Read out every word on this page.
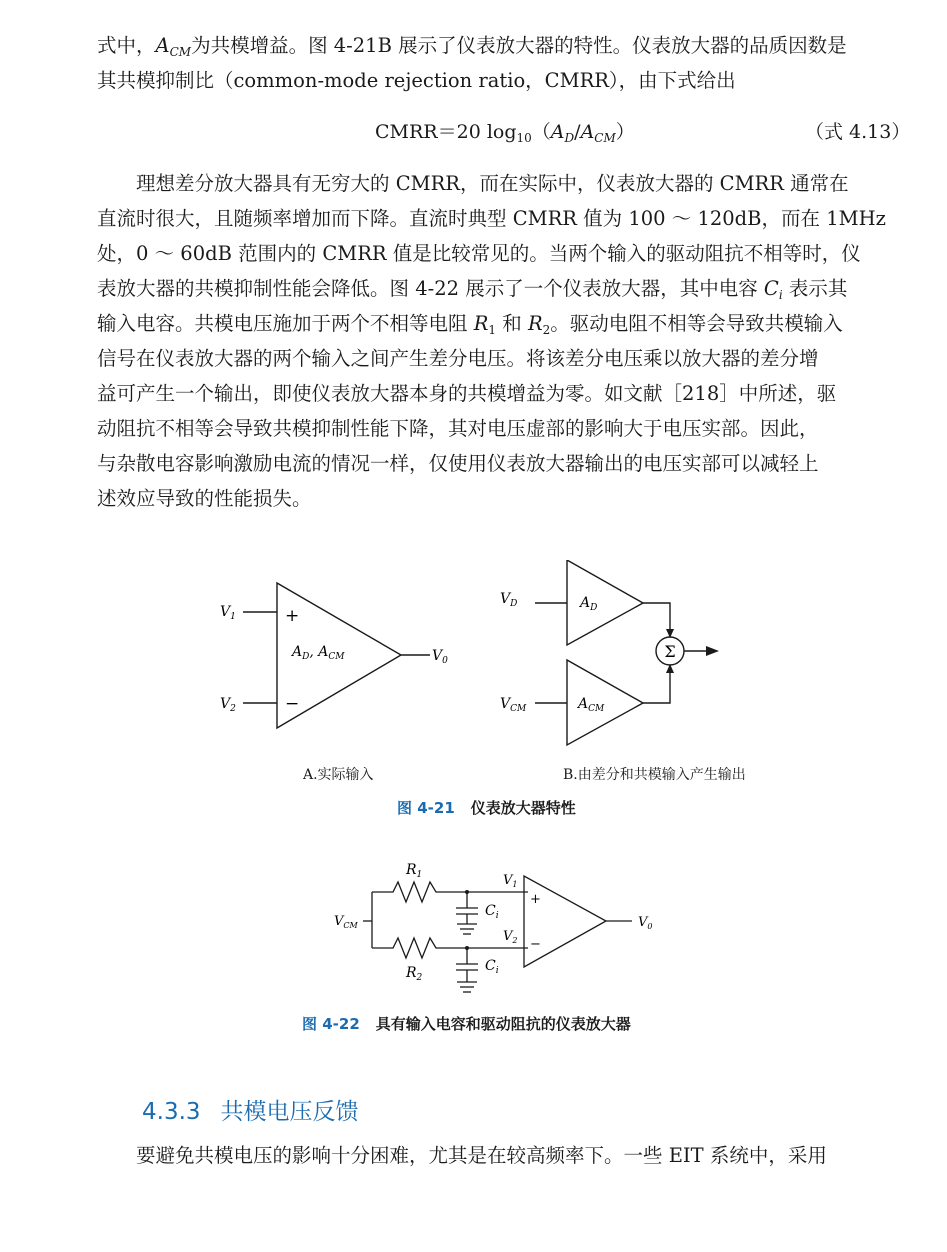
式中，$A_{CM}$为共模增益。图 4-21B 展示了仪表放大器的特性。仪表放大器的品质因数是
其共模抑制比（common-mode rejection ratio，CMRR），由下式给出

CMRR＝20 $\log_{10}(A_D/A_{CM})$	（式 4.13）

理想差分放大器具有无穷大的 CMRR，而在实际中，仪表放大器的 CMRR 通常在
直流时很大，且随频率增加而下降。直流时典型 CMRR 值为 100 ～ 120dB，而在 1MHz
处，0 ～ 60dB 范围内的 CMRR 值是比较常见的。当两个输入的驱动阻抗不相等时，仪
表放大器的共模抑制性能会降低。图 4-22 展示了一个仪表放大器，其中电容 $C_i$ 表示其
输入电容。共模电压施加于两个不相等电阻 $R_1$ 和 $R_2$。驱动电阻不相等会导致共模输入
信号在仪表放大器的两个输入之间产生差分电压。将该差分电压乘以放大器的差分增
益可产生一个输出，即使仪表放大器本身的共模增益为零。如文献［218］中所述，驱
动阻抗不相等会导致共模抑制性能下降，其对电压虚部的影响大于电压实部。因此，
与杂散电容影响激励电流的情况一样，仅使用仪表放大器输出的电压实部可以减轻上
述效应导致的性能损失。

$V_1$
$V_2$
+
−
$A_D$, $A_{CM}$	$V_0$
$V_D$	$A_D$
$V_{CM}$	$A_{CM}$
Σ
A.实际输入	B.由差分和共模输入产生输出
图 4-21 仪表放大器特性
$V_{CM}$
$R_1$
$R_2$
$C_i$
$C_i$
$V_1$
$V_2$
+
−
$V_0$
图 4-22 具有输入电容和驱动阻抗的仪表放大器
4.3.3 共模电压反馈

要避免共模电压的影响十分困难，尤其是在较高频率下。一些 EIT 系统中，采用
